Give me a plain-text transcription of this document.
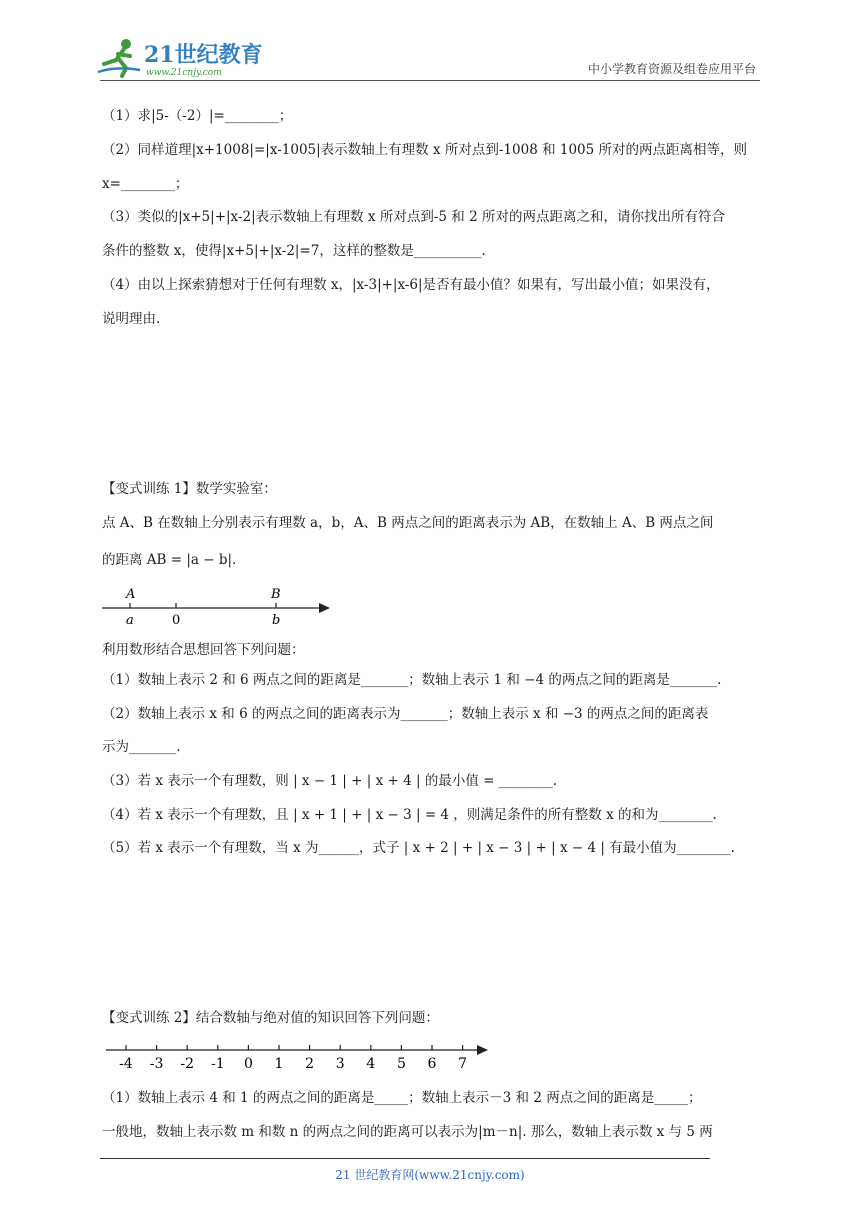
21世纪教育
www.21cnjy.com	中小学教育资源及组卷应用平台
（1）求|5-（-2）|=________；
（2）同样道理|x+1008|=|x-1005|表示数轴上有理数 x 所对点到-1008 和 1005 所对的两点距离相等，则
x=________；
（3）类似的|x+5|+|x-2|表示数轴上有理数 x 所对点到-5 和 2 所对的两点距离之和，请你找出所有符合
条件的整数 x，使得|x+5|+|x-2|=7，这样的整数是__________.
（4）由以上探索猜想对于任何有理数 x，|x-3|+|x-6|是否有最小值？如果有，写出最小值；如果没有，
说明理由.
【变式训练 1】数学实验室：
点 A、B 在数轴上分别表示有理数 a，b，A、B 两点之间的距离表示为 AB，在数轴上 A、B 两点之间
的距离 AB = |a − b|.
A	B
a	0	b
利用数形结合思想回答下列问题：
（1）数轴上表示 2 和 6 两点之间的距离是_______；数轴上表示 1 和 −4 的两点之间的距离是_______.
（2）数轴上表示 x 和 6 的两点之间的距离表示为_______；数轴上表示 x 和 −3 的两点之间的距离表
示为_______.
（3）若 x 表示一个有理数，则 | x − 1 | + | x + 4 | 的最小值 = ________.
（4）若 x 表示一个有理数，且 | x + 1 | + | x − 3 | = 4 ，则满足条件的所有整数 x 的和为________.
（5）若 x 表示一个有理数，当 x 为______，式子 | x + 2 | + | x − 3 | + | x − 4 | 有最小值为________.
【变式训练 2】结合数轴与绝对值的知识回答下列问题：
-4 -3 -2 -1 0 1 2 3 4 5 6 7
（1）数轴上表示 4 和 1 的两点之间的距离是_____；数轴上表示－3 和 2 两点之间的距离是_____；
一般地，数轴上表示数 m 和数 n 的两点之间的距离可以表示为|m－n|. 那么，数轴上表示数 x 与 5 两
21 世纪教育网(www.21cnjy.com)
